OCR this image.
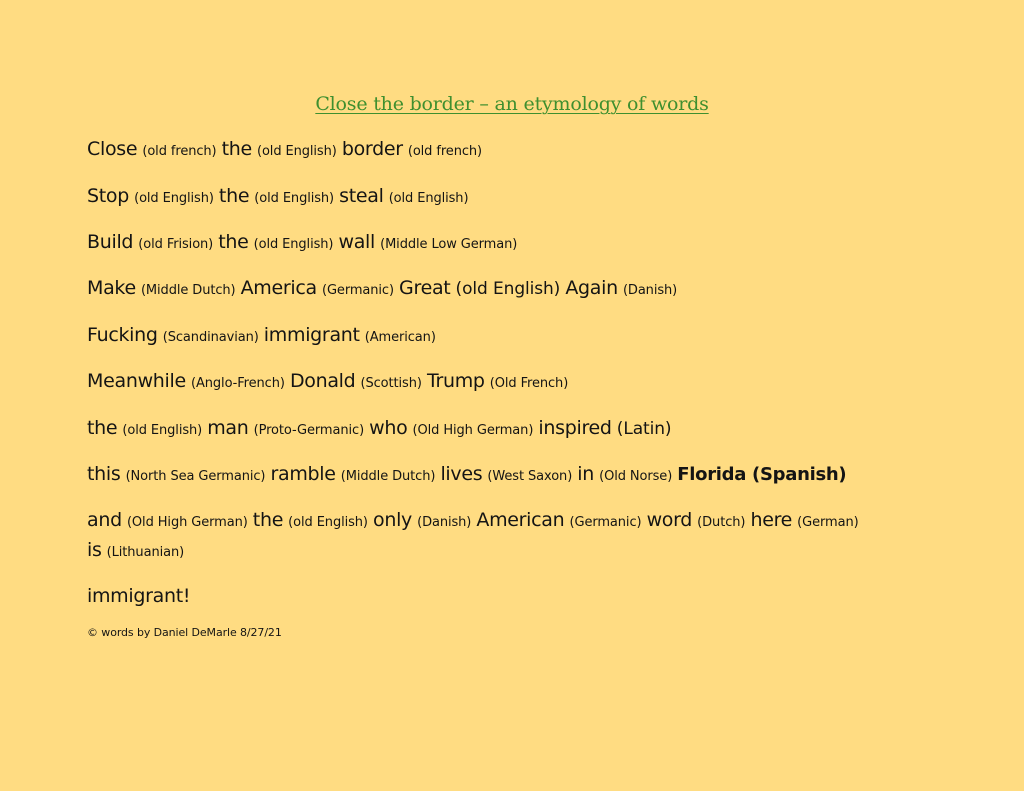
Close the border – an etymology of words
Close (old french) the (old English) border (old french)
Stop (old English) the (old English) steal (old English)
Build (old Frision) the (old English) wall (Middle Low German)
Make (Middle Dutch) America (Germanic) Great (old English) Again (Danish)
Fucking (Scandinavian) immigrant (American)
Meanwhile (Anglo-French) Donald (Scottish) Trump (Old French)
the (old English) man (Proto-Germanic) who (Old High German) inspired (Latin)
this (North Sea Germanic) ramble (Middle Dutch) lives (West Saxon) in (Old Norse) Florida (Spanish)
and (Old High German) the (old English) only (Danish) American (Germanic) word (Dutch) here (German)
is (Lithuanian)
immigrant!
© words by Daniel DeMarle 8/27/21
